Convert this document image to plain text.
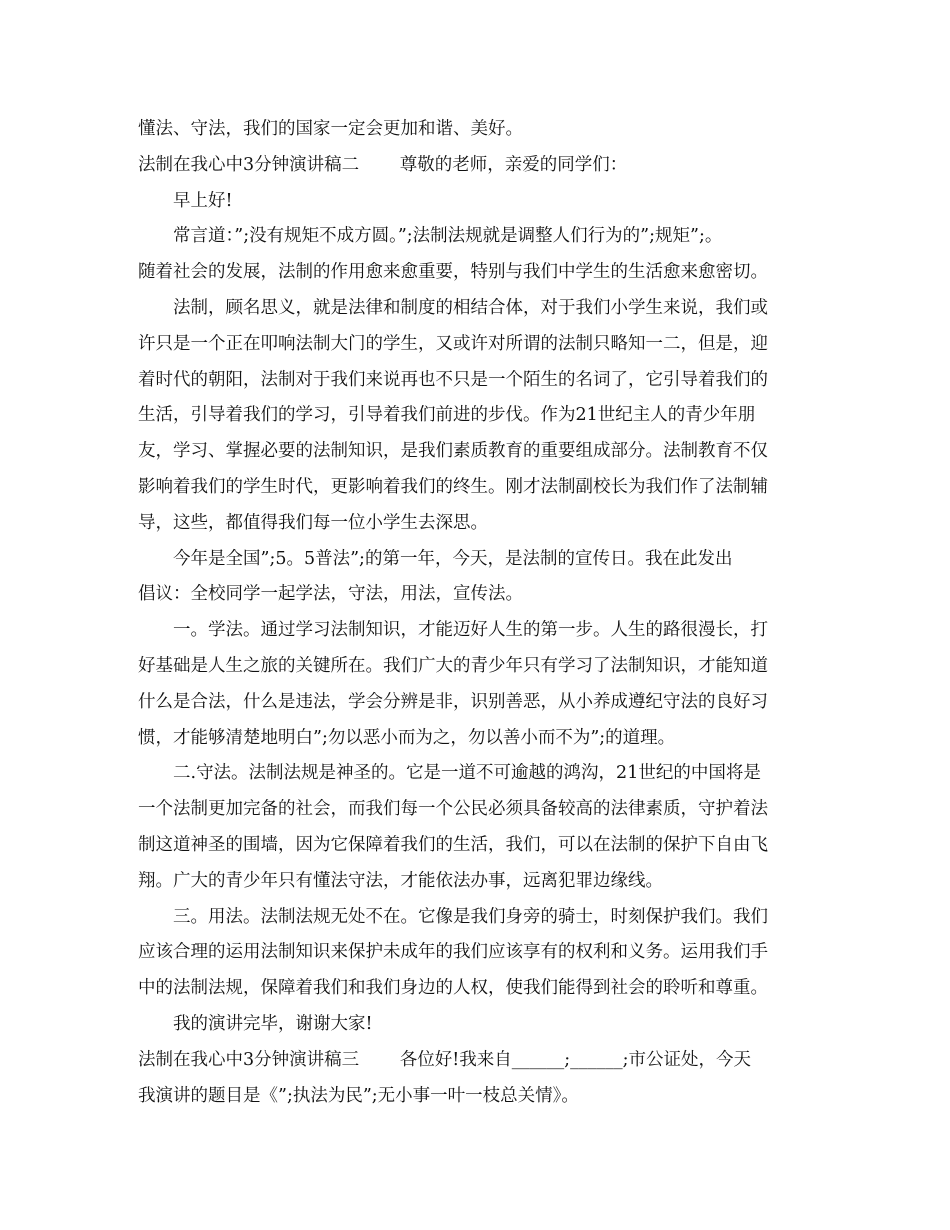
懂法、守法，我们的国家一定会更加和谐、美好。

法制在我心中3分钟演讲稿二　　 尊敬的老师，亲爱的同学们：

　　早上好!

　　常言道：”;没有规矩不成方圆。”;法制法规就是调整人们行为的”;规矩”;。

随着社会的发展，法制的作用愈来愈重要，特别与我们中学生的生活愈来愈密切。

　　法制，顾名思义，就是法律和制度的相结合体，对于我们小学生来说，我们或

许只是一个正在叩响法制大门的学生，又或许对所谓的法制只略知一二，但是，迎

着时代的朝阳，法制对于我们来说再也不只是一个陌生的名词了，它引导着我们的

生活，引导着我们的学习，引导着我们前进的步伐。作为21世纪主人的青少年朋

友，学习、掌握必要的法制知识，是我们素质教育的重要组成部分。法制教育不仅

影响着我们的学生时代，更影响着我们的终生。刚才法制副校长为我们作了法制辅

导，这些，都值得我们每一位小学生去深思。

　　今年是全国”;5。5普法”;的第一年，今天，是法制的宣传日。我在此发出

倡议：全校同学一起学法，守法，用法，宣传法。

　　一。学法。通过学习法制知识，才能迈好人生的第一步。人生的路很漫长，打

好基础是人生之旅的关键所在。我们广大的青少年只有学习了法制知识，才能知道

什么是合法，什么是违法，学会分辨是非，识别善恶，从小养成遵纪守法的良好习

惯，才能够清楚地明白”;勿以恶小而为之，勿以善小而不为”;的道理。

　　二.守法。法制法规是神圣的。它是一道不可逾越的鸿沟，21世纪的中国将是

一个法制更加完备的社会，而我们每一个公民必须具备较高的法律素质，守护着法

制这道神圣的围墙，因为它保障着我们的生活，我们，可以在法制的保护下自由飞

翔。广大的青少年只有懂法守法，才能依法办事，远离犯罪边缘线。

　　三。用法。法制法规无处不在。它像是我们身旁的骑士，时刻保护我们。我们

应该合理的运用法制知识来保护未成年的我们应该享有的权利和义务。运用我们手

中的法制法规，保障着我们和我们身边的人权，使我们能得到社会的聆听和尊重。

　　我的演讲完毕，谢谢大家!

法制在我心中3分钟演讲稿三　　 各位好!我来自______;______;市公证处，今天

我演讲的题目是《”;执法为民”;无小事一叶一枝总关情》。
